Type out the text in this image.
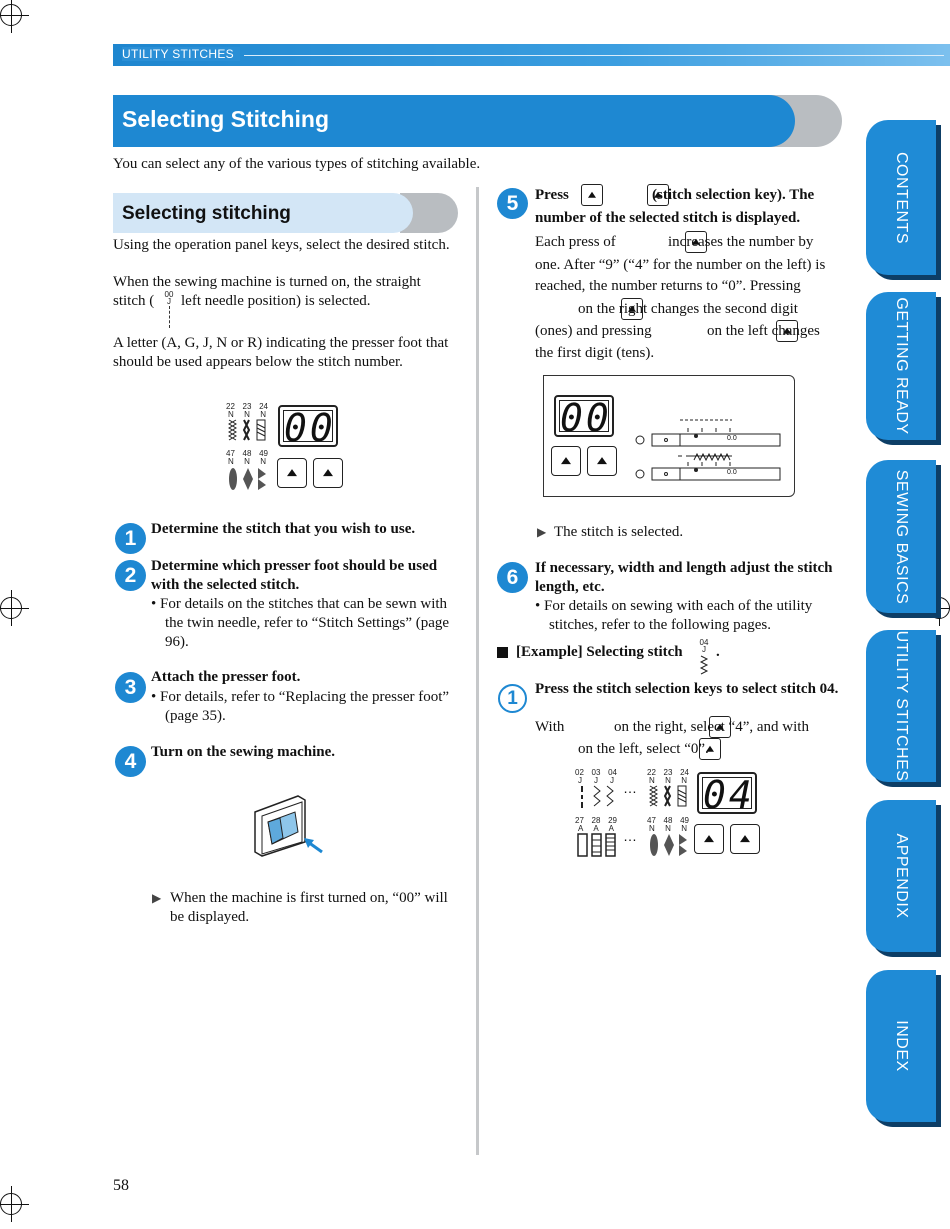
UTILITY STITCHES
Selecting Stitching
You can select any of the various types of stitching available.
Selecting stitching
Using the operation panel keys, select the desired stitch.
When the sewing machine is turned on, the straight
stitch (	00
J left needle position) is selected.
A letter (A, G, J, N or R) indicating the presser foot that should be used appears below the stitch number.
22 23 24
N N N
47 48 49
N N N
00
1 Determine the stitch that you wish to use.
2 Determine which presser foot should be used with the selected stitch.
• For details on the stitches that can be sewn with the twin needle, refer to “Stitch Settings” (page 96).
3 Attach the presser foot.
• For details, refer to “Replacing the presser foot” (page 35).
4 Turn on the sewing machine.
▶ When the machine is first turned on, “00” will be displayed.
5	Press
	(stitch selection key). The
number of the selected stitch is displayed.
Each press of
	increases the number by
one. After “9” (“4” for the number on the left) is
reached, the number returns to “0”. Pressing

on the right changes the second digit
(ones) and pressing
	on the left changes
the first digit (tens).
00	0.0
0.0
▶ The stitch is selected.
6	If necessary, width and length adjust the stitch length, etc.
• For details on sewing with each of the utility stitches, refer to the following pages.
[Example] Selecting stitch
04
J .
1	Press the stitch selection keys to select stitch 04.
With
	on the right, select “4”, and with
on the left, select “0”.
02 03 04
J J J …
22 23 24
N N N
27 28 29
A A A …
47 48 49
N N N
04
CONTENTS
GETTING READY
SEWING BASICS
UTILITY STITCHES
APPENDIX
INDEX
58
